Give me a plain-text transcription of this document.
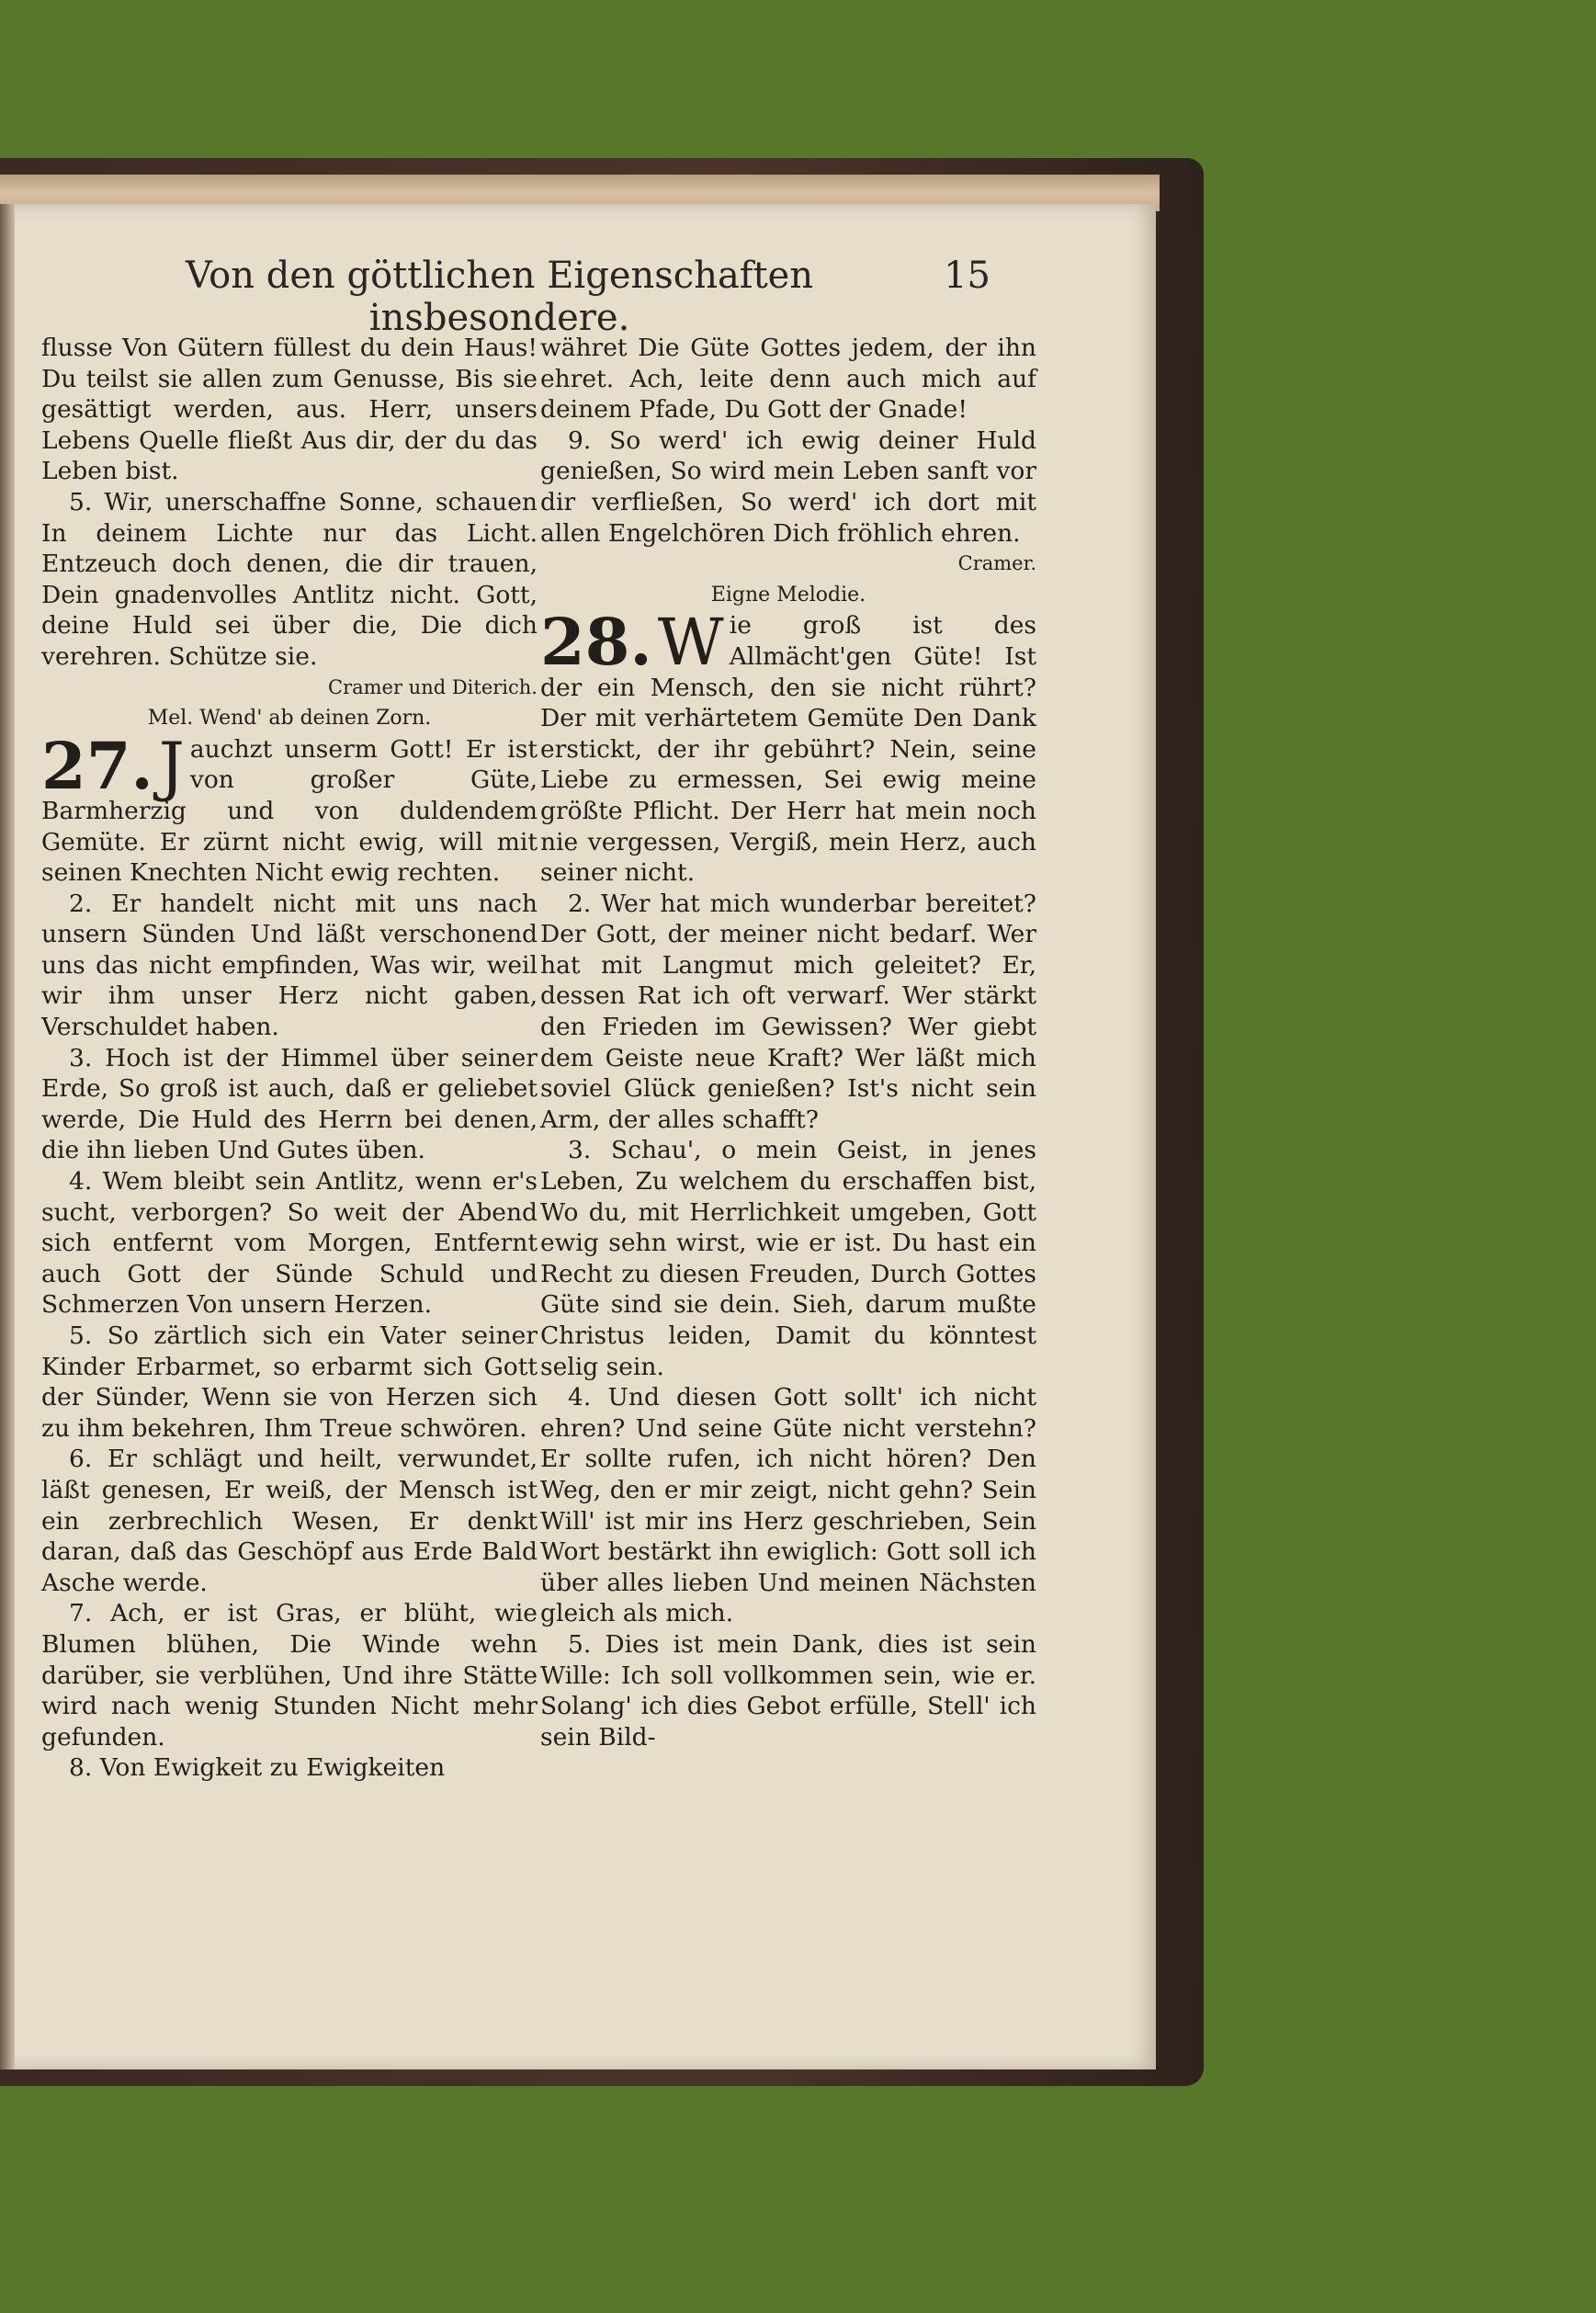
Von den göttlichen Eigenschaften insbesondere.
15

flusse Von Gütern füllest du dein Haus! Du teilst sie allen zum Genusse, Bis sie gesättigt werden, aus. Herr, unsers Lebens Quelle fließt Aus dir, der du das Leben bist.

5. Wir, unerschaffne Sonne, schauen In deinem Lichte nur das Licht. Entzeuch doch denen, die dir trauen, Dein gnadenvolles Antlitz nicht. Gott, deine Huld sei über die, Die dich verehren. Schütze sie.

Cramer und Diterich.

Mel. Wend' ab deinen Zorn.

27. J auchzt unserm Gott! Er ist von großer Güte, Barmherzig und von duldendem Gemüte. Er zürnt nicht ewig, will mit seinen Knechten Nicht ewig rechten.

2. Er handelt nicht mit uns nach unsern Sünden Und läßt verschonend uns das nicht empfinden, Was wir, weil wir ihm unser Herz nicht gaben, Verschuldet haben.

3. Hoch ist der Himmel über seiner Erde, So groß ist auch, daß er geliebet werde, Die Huld des Herrn bei denen, die ihn lieben Und Gutes üben.

4. Wem bleibt sein Antlitz, wenn er's sucht, verborgen? So weit der Abend sich entfernt vom Morgen, Entfernt auch Gott der Sünde Schuld und Schmerzen Von unsern Herzen.

5. So zärtlich sich ein Vater seiner Kinder Erbarmet, so erbarmt sich Gott der Sünder, Wenn sie von Herzen sich zu ihm bekehren, Ihm Treue schwören.

6. Er schlägt und heilt, verwundet, läßt genesen, Er weiß, der Mensch ist ein zerbrechlich Wesen, Er denkt daran, daß das Geschöpf aus Erde Bald Asche werde.

7. Ach, er ist Gras, er blüht, wie Blumen blühen, Die Winde wehn darüber, sie verblühen, Und ihre Stätte wird nach wenig Stunden Nicht mehr gefunden.

8. Von Ewigkeit zu Ewigkeiten

währet Die Güte Gottes jedem, der ihn ehret. Ach, leite denn auch mich auf deinem Pfade, Du Gott der Gnade!

9. So werd' ich ewig deiner Huld genießen, So wird mein Leben sanft vor dir verfließen, So werd' ich dort mit allen Engelchören Dich fröhlich ehren.

Cramer.

Eigne Melodie.

28. W ie groß ist des Allmächt'gen Güte! Ist der ein Mensch, den sie nicht rührt? Der mit verhärtetem Gemüte Den Dank erstickt, der ihr gebührt? Nein, seine Liebe zu ermessen, Sei ewig meine größte Pflicht. Der Herr hat mein noch nie vergessen, Vergiß, mein Herz, auch seiner nicht.

2. Wer hat mich wunderbar bereitet? Der Gott, der meiner nicht bedarf. Wer hat mit Langmut mich geleitet? Er, dessen Rat ich oft verwarf. Wer stärkt den Frieden im Gewissen? Wer giebt dem Geiste neue Kraft? Wer läßt mich soviel Glück genießen? Ist's nicht sein Arm, der alles schafft?

3. Schau', o mein Geist, in jenes Leben, Zu welchem du erschaffen bist, Wo du, mit Herrlichkeit umgeben, Gott ewig sehn wirst, wie er ist. Du hast ein Recht zu diesen Freuden, Durch Gottes Güte sind sie dein. Sieh, darum mußte Christus leiden, Damit du könntest selig sein.

4. Und diesen Gott sollt' ich nicht ehren? Und seine Güte nicht verstehn? Er sollte rufen, ich nicht hören? Den Weg, den er mir zeigt, nicht gehn? Sein Will' ist mir ins Herz geschrieben, Sein Wort bestärkt ihn ewiglich: Gott soll ich über alles lieben Und meinen Nächsten gleich als mich.

5. Dies ist mein Dank, dies ist sein Wille: Ich soll vollkommen sein, wie er. Solang' ich dies Gebot erfülle, Stell' ich sein Bild-
